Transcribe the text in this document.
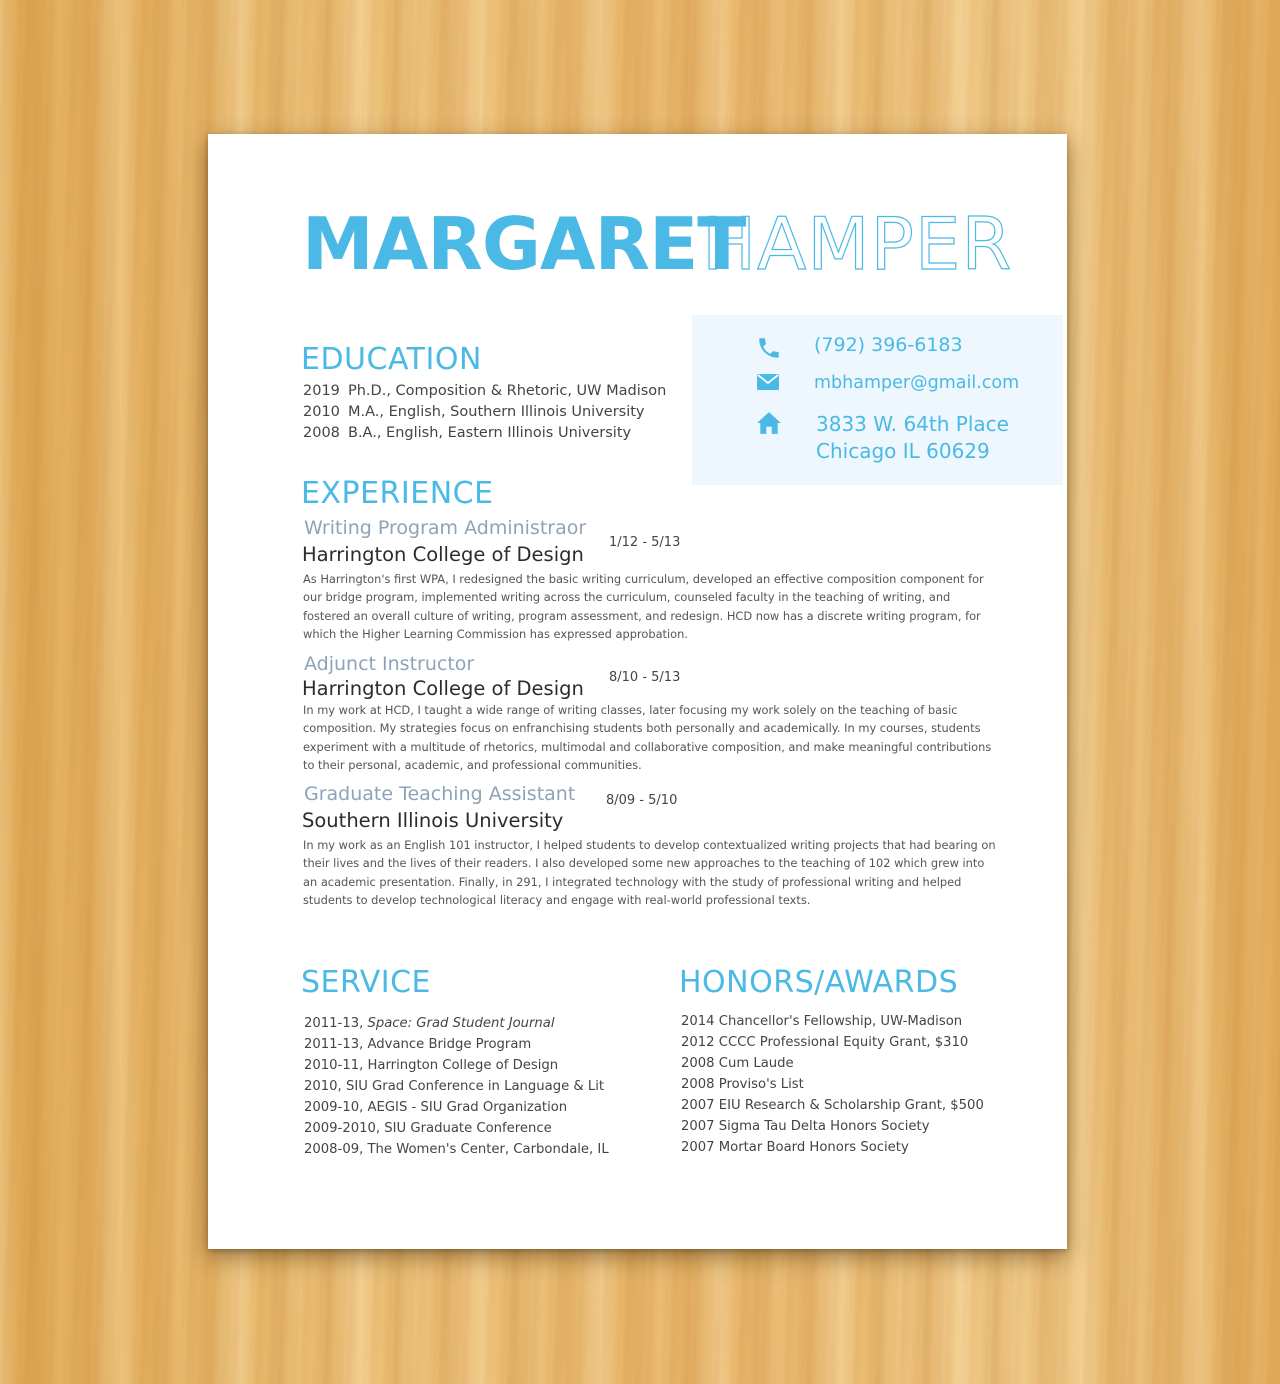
MARGARET
HAMPER
(792) 396-6183
mbhamper@gmail.com
3833 W. 64th Place
Chicago IL 60629
EDUCATION
2019 Ph.D., Composition & Rhetoric, UW Madison
2010 M.A., English, Southern Illinois University
2008 B.A., English, Eastern Illinois University
EXPERIENCE
Writing Program Administraor
Harrington College of Design
1/12 - 5/13
As Harrington's first WPA, I redesigned the basic writing curriculum, developed an effective composition component for our bridge program, implemented writing across the curriculum, counseled faculty in the teaching of writing, and fostered an overall culture of writing, program assessment, and redesign. HCD now has a discrete writing program, for which the Higher Learning Commission has expressed approbation.
Adjunct Instructor
Harrington College of Design 8/10 - 5/13
In my work at HCD, I taught a wide range of writing classes, later focusing my work solely on the teaching of basic composition. My strategies focus on enfranchising students both personally and academically. In my courses, students experiment with a multitude of rhetorics, multimodal and collaborative composition, and make meaningful contributions to their personal, academic, and professional communities.
Graduate Teaching Assistant
Southern Illinois University
8/09 - 5/10
In my work as an English 101 instructor, I helped students to develop contextualized writing projects that had bearing on their lives and the lives of their readers. I also developed some new approaches to the teaching of 102 which grew into an academic presentation. Finally, in 291, I integrated technology with the study of professional writing and helped students to develop technological literacy and engage with real-world professional texts.
SERVICE
2011-13, Space: Grad Student Journal
2011-13, Advance Bridge Program
2010-11, Harrington College of Design
2010, SIU Grad Conference in Language & Lit
2009-10, AEGIS - SIU Grad Organization
2009-2010, SIU Graduate Conference
2008-09, The Women's Center, Carbondale, IL
HONORS/AWARDS
2014 Chancellor's Fellowship, UW-Madison
2012 CCCC Professional Equity Grant, $310
2008 Cum Laude
2008 Proviso's List
2007 EIU Research & Scholarship Grant, $500
2007 Sigma Tau Delta Honors Society
2007 Mortar Board Honors Society
